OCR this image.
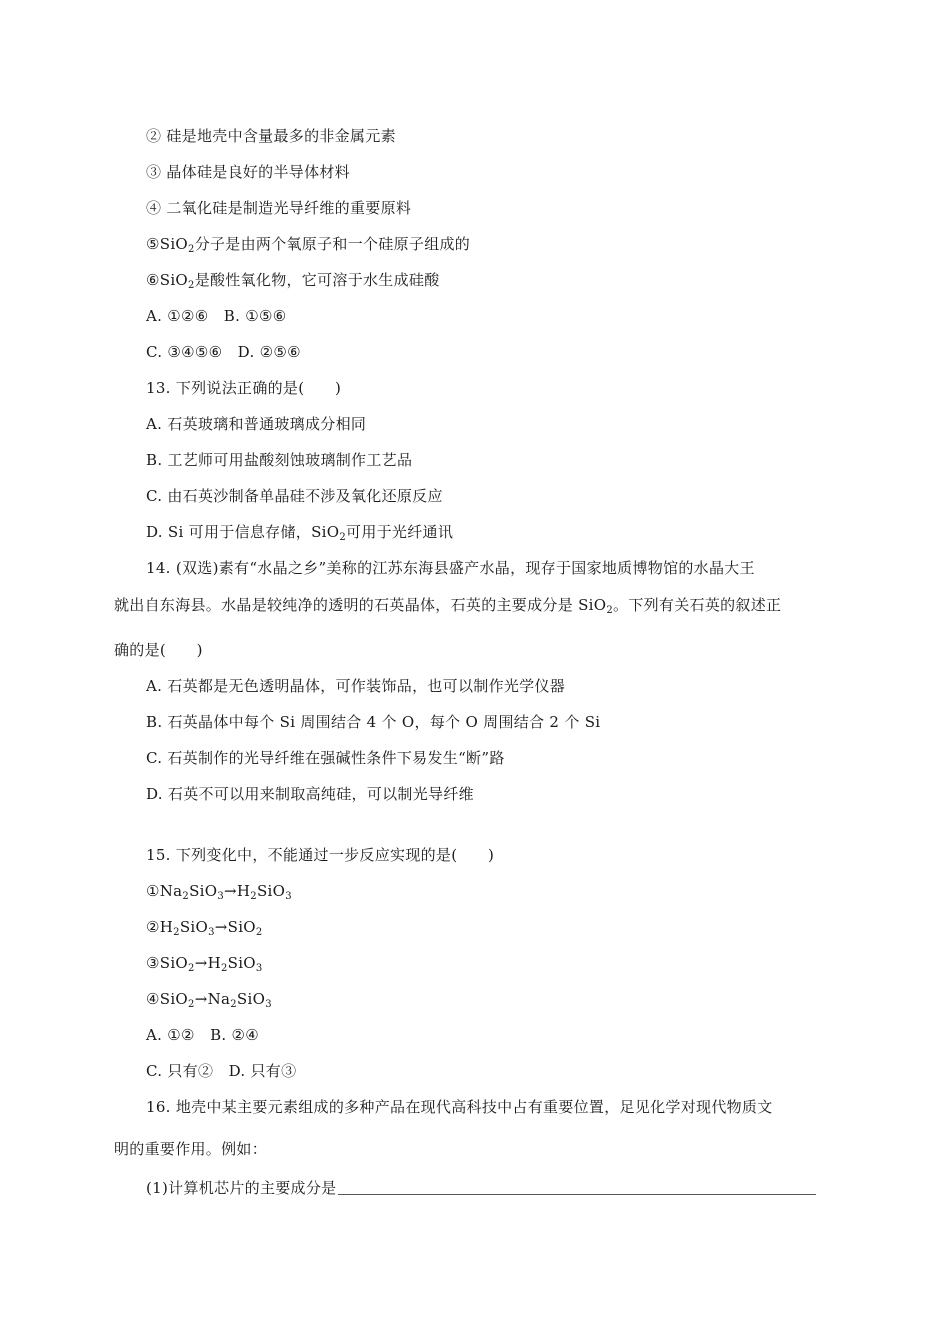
② 硅是地壳中含量最多的非金属元素
③ 晶体硅是良好的半导体材料
④ 二氧化硅是制造光导纤维的重要原料
⑤SiO$_2$分子是由两个氧原子和一个硅原子组成的
⑥SiO$_2$是酸性氧化物，它可溶于水生成硅酸
A. ①②⑥　B. ①⑤⑥
C. ③④⑤⑥　D. ②⑤⑥
13. 下列说法正确的是(　　)
A. 石英玻璃和普通玻璃成分相同
B. 工艺师可用盐酸刻蚀玻璃制作工艺品
C. 由石英沙制备单晶硅不涉及氧化还原反应
D. Si 可用于信息存储，SiO$_2$可用于光纤通讯
14. (双选)素有“水晶之乡”美称的江苏东海县盛产水晶，现存于国家地质博物馆的水晶大王
就出自东海县。水晶是较纯净的透明的石英晶体，石英的主要成分是 SiO$_2$。下列有关石英的叙述正
确的是(　　)
A. 石英都是无色透明晶体，可作装饰品，也可以制作光学仪器
B. 石英晶体中每个 Si 周围结合 4 个 O，每个 O 周围结合 2 个 Si
C. 石英制作的光导纤维在强碱性条件下易发生“断”路
D. 石英不可以用来制取高纯硅，可以制光导纤维
15. 下列变化中，不能通过一步反应实现的是(　　)
$①Na_2SiO_3\to H_2SiO_3$
$②H_2SiO_3\to SiO_2$
$③SiO_2\to H_2SiO_3$
$④SiO_2\to Na_2SiO_3$
A. ①②　B. ②④
C. 只有②　D. 只有③
16. 地壳中某主要元素组成的多种产品在现代高科技中占有重要位置，足见化学对现代物质文
明的重要作用。例如：
(1)计算机芯片的主要成分是
